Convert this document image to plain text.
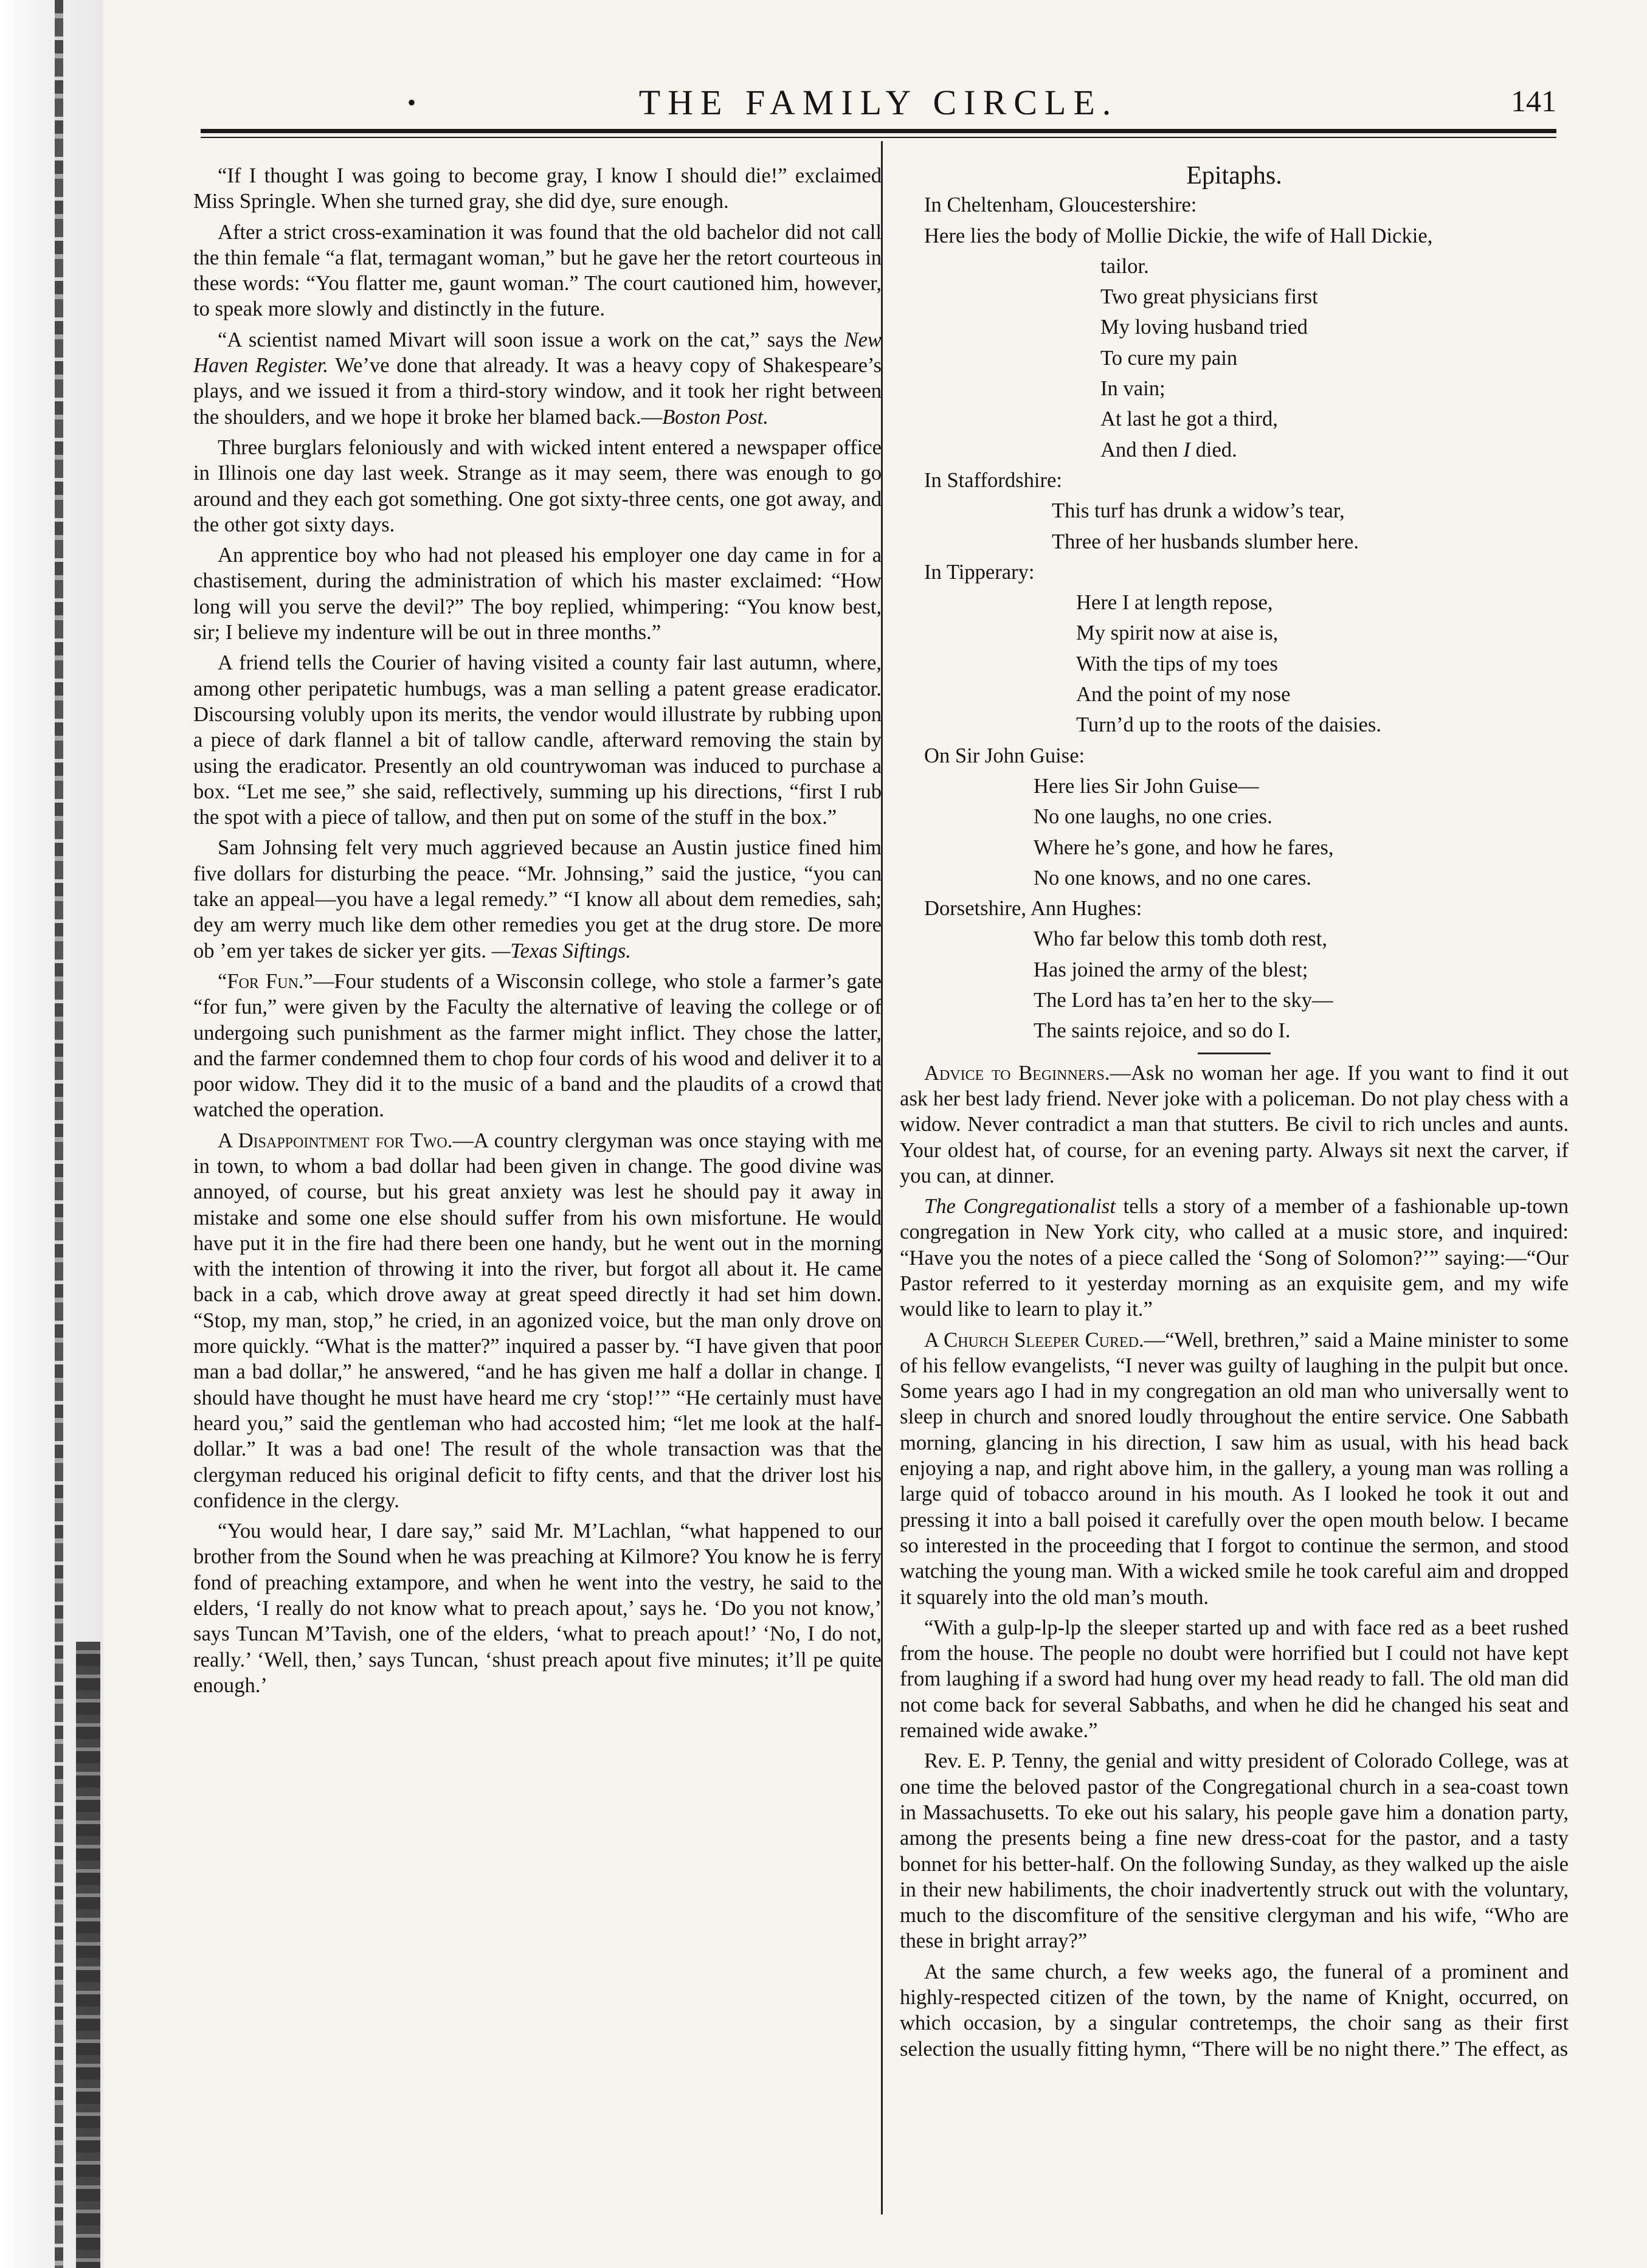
•	THE FAMILY CIRCLE.	141

“If I thought I was going to become gray, I know I should die!” exclaimed Miss Springle. When she turned gray, she did dye, sure enough.

After a strict cross-examination it was found that the old bachelor did not call the thin female “a flat, termagant woman,” but he gave her the retort courteous in these words: “You flatter me, gaunt woman.” The court cautioned him, however, to speak more slowly and distinctly in the future.

“A scientist named Mivart will soon issue a work on the cat,” says the New Haven Register. We’ve done that already. It was a heavy copy of Shakespeare’s plays, and we issued it from a third-story window, and it took her right between the shoulders, and we hope it broke her blamed back.—Boston Post.

Three burglars feloniously and with wicked intent entered a newspaper office in Illinois one day last week. Strange as it may seem, there was enough to go around and they each got something. One got sixty-three cents, one got away, and the other got sixty days.

An apprentice boy who had not pleased his employer one day came in for a chastisement, during the administration of which his master exclaimed: “How long will you serve the devil?” The boy replied, whimpering: “You know best, sir; I believe my indenture will be out in three months.”

A friend tells the Courier of having visited a county fair last autumn, where, among other peripatetic humbugs, was a man selling a patent grease eradicator. Discoursing volubly upon its merits, the vendor would illustrate by rubbing upon a piece of dark flannel a bit of tallow candle, afterward removing the stain by using the eradicator. Presently an old countrywoman was induced to purchase a box. “Let me see,” she said, reflectively, summing up his directions, “first I rub the spot with a piece of tallow, and then put on some of the stuff in the box.”

Sam Johnsing felt very much aggrieved because an Austin justice fined him five dollars for disturbing the peace. “Mr. Johnsing,” said the justice, “you can take an appeal—you have a legal remedy.” “I know all about dem remedies, sah; dey am werry much like dem other remedies you get at the drug store. De more ob ’em yer takes de sicker yer gits. —Texas Siftings.

“For Fun.”—Four students of a Wisconsin college, who stole a farmer’s gate “for fun,” were given by the Faculty the alternative of leaving the college or of undergoing such punishment as the farmer might inflict. They chose the latter, and the farmer condemned them to chop four cords of his wood and deliver it to a poor widow. They did it to the music of a band and the plaudits of a crowd that watched the operation.

A Disappointment for Two.—A country clergyman was once staying with me in town, to whom a bad dollar had been given in change. The good divine was annoyed, of course, but his great anxiety was lest he should pay it away in mistake and some one else should suffer from his own misfortune. He would have put it in the fire had there been one handy, but he went out in the morning with the intention of throwing it into the river, but forgot all about it. He came back in a cab, which drove away at great speed directly it had set him down. “Stop, my man, stop,” he cried, in an agonized voice, but the man only drove on more quickly. “What is the matter?” inquired a passer by. “I have given that poor man a bad dollar,” he answered, “and he has given me half a dollar in change. I should have thought he must have heard me cry ‘stop!’” “He certainly must have heard you,” said the gentleman who had accosted him; “let me look at the half-dollar.” It was a bad one! The result of the whole transaction was that the clergyman reduced his original deficit to fifty cents, and that the driver lost his confidence in the clergy.

“You would hear, I dare say,” said Mr. M’Lachlan, “what happened to our brother from the Sound when he was preaching at Kilmore? You know he is ferry fond of preaching extampore, and when he went into the vestry, he said to the elders, ‘I really do not know what to preach apout,’ says he. ‘Do you not know,’ says Tuncan M’Tavish, one of the elders, ‘what to preach apout!’ ‘No, I do not, really.’ ‘Well, then,’ says Tuncan, ‘shust preach apout five minutes; it’ll pe quite enough.’

Epitaphs.

In Cheltenham, Gloucestershire:

Here lies the body of Mollie Dickie, the wife of Hall Dickie,

tailor.

Two great physicians first

My loving husband tried

To cure my pain

In vain;

At last he got a third,

And then I died.

In Staffordshire:

This turf has drunk a widow’s tear,

Three of her husbands slumber here.

In Tipperary:

Here I at length repose,

My spirit now at aise is,

With the tips of my toes

And the point of my nose

Turn’d up to the roots of the daisies.

On Sir John Guise:

Here lies Sir John Guise—

No one laughs, no one cries.

Where he’s gone, and how he fares,

No one knows, and no one cares.

Dorsetshire, Ann Hughes:

Who far below this tomb doth rest,

Has joined the army of the blest;

The Lord has ta’en her to the sky—

The saints rejoice, and so do I.

Advice to Beginners.—Ask no woman her age. If you want to find it out ask her best lady friend. Never joke with a policeman. Do not play chess with a widow. Never contradict a man that stutters. Be civil to rich uncles and aunts. Your oldest hat, of course, for an evening party. Always sit next the carver, if you can, at dinner.

The Congregationalist tells a story of a member of a fashionable up-town congregation in New York city, who called at a music store, and inquired: “Have you the notes of a piece called the ‘Song of Solomon?’” saying:—“Our Pastor referred to it yesterday morning as an exquisite gem, and my wife would like to learn to play it.”

A Church Sleeper Cured.—“Well, brethren,” said a Maine minister to some of his fellow evangelists, “I never was guilty of laughing in the pulpit but once. Some years ago I had in my congregation an old man who universally went to sleep in church and snored loudly throughout the entire service. One Sabbath morning, glancing in his direction, I saw him as usual, with his head back enjoying a nap, and right above him, in the gallery, a young man was rolling a large quid of tobacco around in his mouth. As I looked he took it out and pressing it into a ball poised it carefully over the open mouth below. I became so interested in the proceeding that I forgot to continue the sermon, and stood watching the young man. With a wicked smile he took careful aim and dropped it squarely into the old man’s mouth.

“With a gulp-lp-lp the sleeper started up and with face red as a beet rushed from the house. The people no doubt were horrified but I could not have kept from laughing if a sword had hung over my head ready to fall. The old man did not come back for several Sabbaths, and when he did he changed his seat and remained wide awake.”

Rev. E. P. Tenny, the genial and witty president of Colorado College, was at one time the beloved pastor of the Congregational church in a sea-coast town in Massachusetts. To eke out his salary, his people gave him a donation party, among the presents being a fine new dress-coat for the pastor, and a tasty bonnet for his better-half. On the following Sunday, as they walked up the aisle in their new habiliments, the choir inadvertently struck out with the voluntary, much to the discomfiture of the sensitive clergyman and his wife, “Who are these in bright array?”

At the same church, a few weeks ago, the funeral of a prominent and highly-respected citizen of the town, by the name of Knight, occurred, on which occasion, by a singular contretemps, the choir sang as their first selection the usually fitting hymn, “There will be no night there.” The effect, as
